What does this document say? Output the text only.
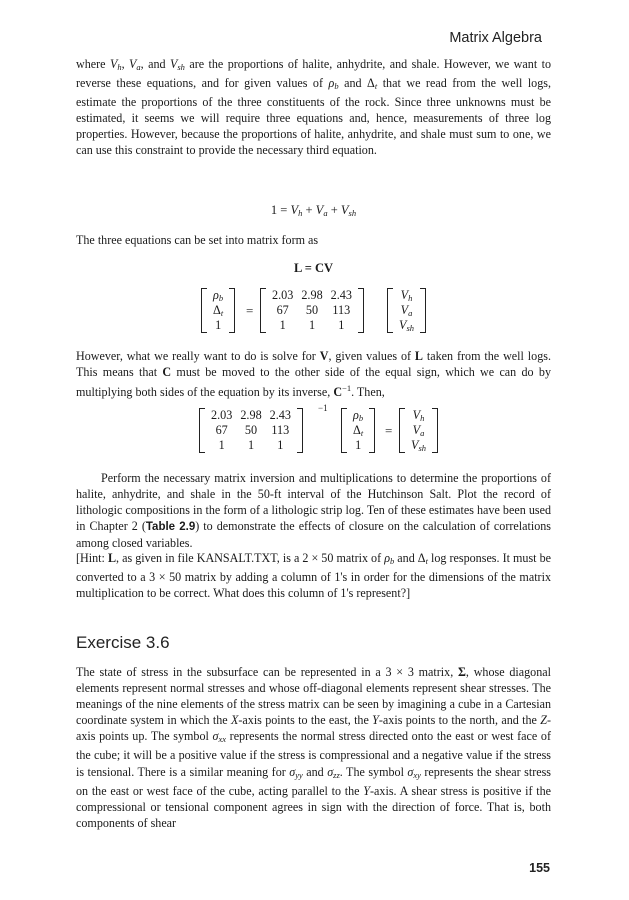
Matrix Algebra
where $V_h$, $V_a$, and $V_{sh}$ are the proportions of halite, anhydrite, and shale. However, we want to reverse these equations, and for given values of $\rho_b$ and $\Delta_t$ that we read from the well logs, estimate the proportions of the three constituents of the rock. Since three unknowns must be estimated, it seems we will require three equations and, hence, measurements of three log properties. However, because the proportions of halite, anhydrite, and shale must sum to one, we can use this constraint to provide the necessary third equation.
$1 = V_h + V_a + V_{sh}$
The three equations can be set into matrix form as
L = CV
$\rho_b$
$\Delta_t$
1
=
2.03	2.98	2.43
67	50	113
1	1	1
$V_h$
$V_a$
$V_{sh}$
However, what we really want to do is solve for V, given values of L taken from the well logs. This means that C must be moved to the other side of the equal sign, which we can do by multiplying both sides of the equation by its inverse, $C^{-1}$. Then,
2.03	2.98	2.43
67	50	113
1	1	1
−1 $\rho_b$
$\Delta_t$
1
=
$V_h$
$V_a$
$V_{sh}$
Perform the necessary matrix inversion and multiplications to determine the proportions of halite, anhydrite, and shale in the 50-ft interval of the Hutchinson Salt. Plot the record of lithologic compositions in the form of a lithologic strip log. Ten of these estimates have been used in Chapter 2 (Table 2.9) to demonstrate the effects of closure on the calculation of correlations among closed variables.
[Hint: L, as given in file KANSALT.TXT, is a 2 × 50 matrix of $\rho_b$ and $\Delta_t$ log responses. It must be converted to a 3 × 50 matrix by adding a column of 1's in order for the dimensions of the matrix multiplication to be correct. What does this column of 1's represent?]
Exercise 3.6
The state of stress in the subsurface can be represented in a 3 × 3 matrix, Σ, whose diagonal elements represent normal stresses and whose off-diagonal elements represent shear stresses. The meanings of the nine elements of the stress matrix can be seen by imagining a cube in a Cartesian coordinate system in which the X-axis points to the east, the Y-axis points to the north, and the Z-axis points up. The symbol $\sigma_{xx}$ represents the normal stress directed onto the east or west face of the cube; it will be a positive value if the stress is compressional and a negative value if the stress is tensional. There is a similar meaning for $\sigma_{yy}$ and $\sigma_{zz}$. The symbol $\sigma_{xy}$ represents the shear stress on the east or west face of the cube, acting parallel to the Y-axis. A shear stress is positive if the compressional or tensional component agrees in sign with the direction of force. That is, both components of shear
155
